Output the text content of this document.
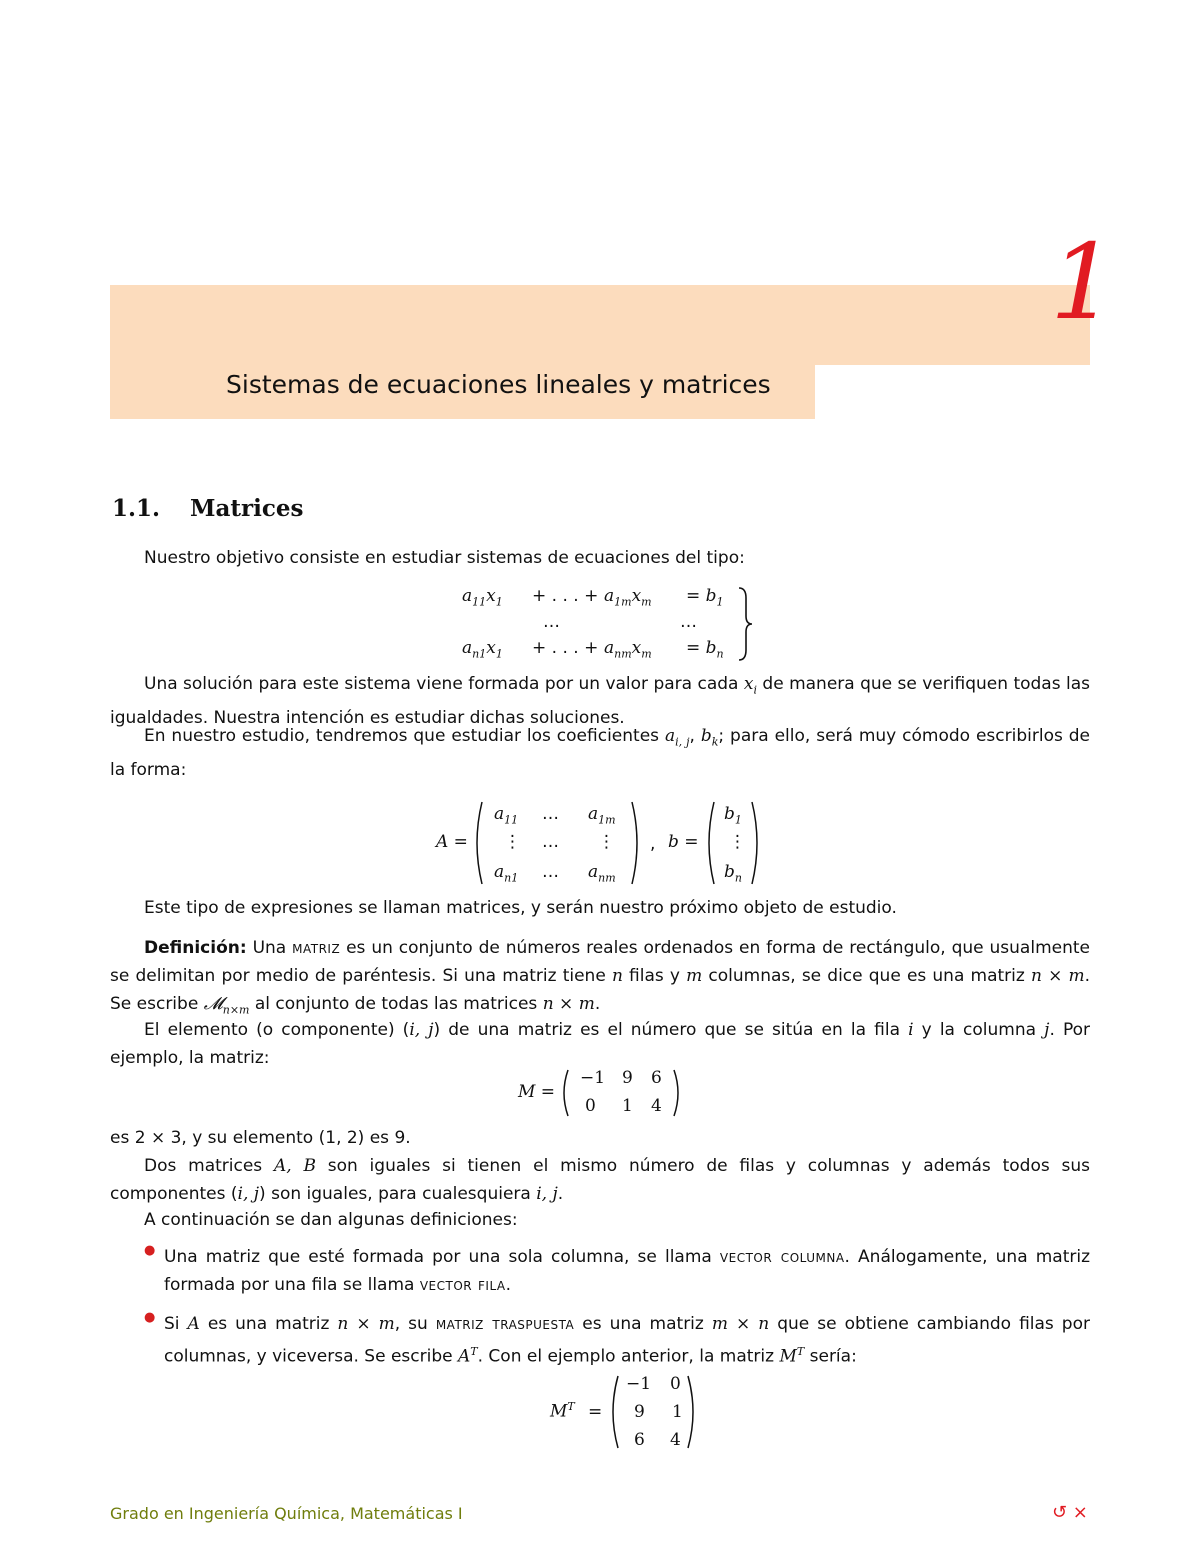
1
Sistemas de ecuaciones lineales y matrices
1.1. Matrices

Nuestro objetivo consiste en estudiar sistemas de ecuaciones del tipo:

$a_{11}x_1$ + . . . + $a_{1m}x_m = b_1$
…	…
$a_{n1}x_1$ + . . . + $a_{nm}x_m = b_n$

Una solución para este sistema viene formada por un valor para cada $x_i$ de manera que se verifiquen todas las igualdades. Nuestra intención es estudiar dichas soluciones.

En nuestro estudio, tendremos que estudiar los coeficientes $a_{i, j}$, $b_k$; para ello, será muy cómodo escribirlos de la forma:

A =
$a_{11}$ … $a_{1m}$
⋮ … ⋮
$a_{n1}$ … $a_{nm}$
, b =
$b_1$
⋮
$b_n$

Este tipo de expresiones se llaman matrices, y serán nuestro próximo objeto de estudio.

Definición: Una matriz es un conjunto de números reales ordenados en forma de rectángulo, que usualmente se delimitan por medio de paréntesis. Si una matriz tiene n filas y m columnas, se dice que es una matriz n × m. Se escribe 𝓜$_{n\times m}$ al conjunto de todas las matrices n × m.

El elemento (o componente) (i, j) de una matriz es el número que se sitúa en la fila i y la columna j. Por ejemplo, la matriz:

M =
−1 9 6
0 1 4

es 2 × 3, y su elemento (1, 2) es 9.

Dos matrices A, B son iguales si tienen el mismo número de filas y columnas y además todos sus componentes (i, j) son iguales, para cualesquiera i, j.

A continuación se dan algunas definiciones:

● Una matriz que esté formada por una sola columna, se llama vector columna. Análogamente, una matriz formada por una fila se llama vector fila.

● Si A es una matriz n × m, su matriz traspuesta es una matriz m × n que se obtiene cambiando filas por columnas, y viceversa. Se escribe $A^T$. Con el ejemplo anterior, la matriz $M^T$ sería:

$M^T$ =
−1 0
9 1
6 4
Grado en Ingeniería Química, Matemáticas I	↺ ×
